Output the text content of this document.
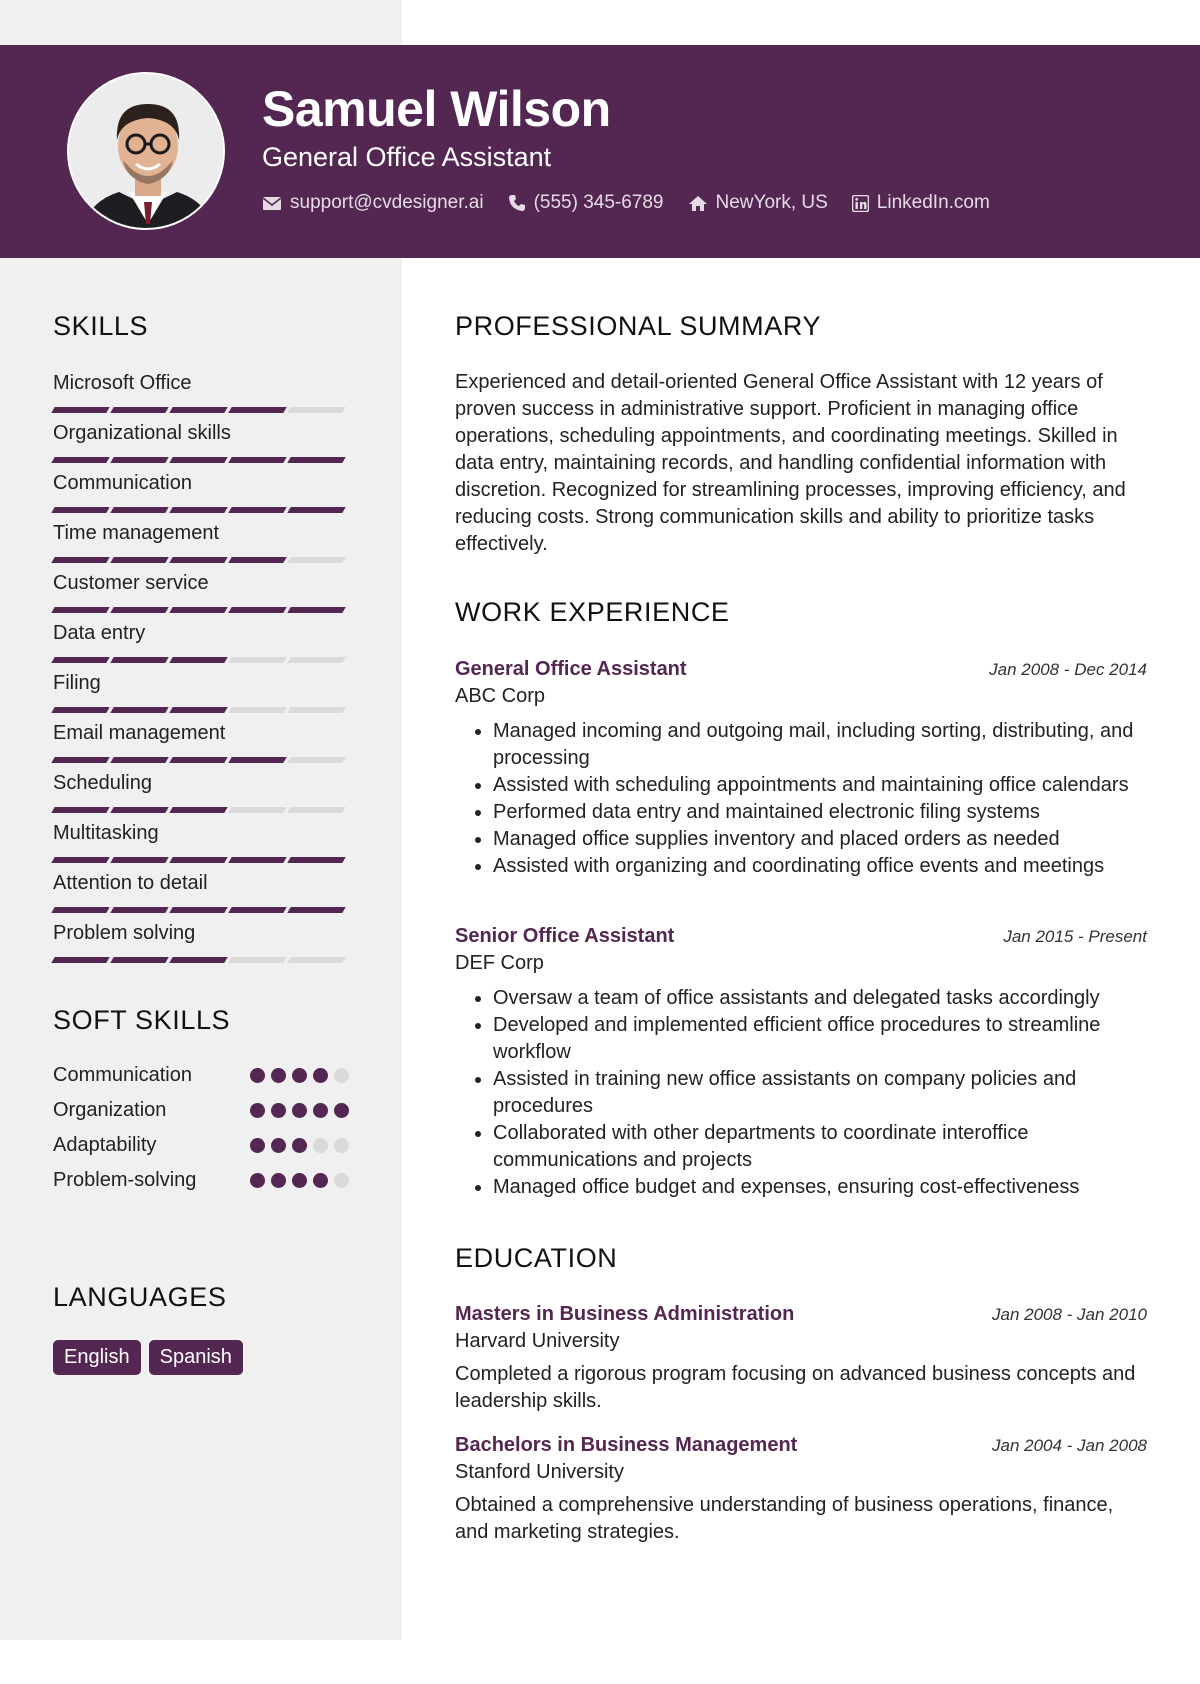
Samuel Wilson
General Office Assistant
support@cvdesigner.ai	(555) 345-6789	NewYork, US	LinkedIn.com
SKILLS
Microsoft Office
Organizational skills
Communication
Time management
Customer service
Data entry
Filing
Email management
Scheduling
Multitasking
Attention to detail
Problem solving
SOFT SKILLS
Communication
Organization
Adaptability
Problem-solving
LANGUAGES
English	Spanish
PROFESSIONAL SUMMARY
Experienced and detail-oriented General Office Assistant with 12 years of proven success in administrative support. Proficient in managing office operations, scheduling appointments, and coordinating meetings. Skilled in data entry, maintaining records, and handling confidential information with discretion. Recognized for streamlining processes, improving efficiency, and reducing costs. Strong communication skills and ability to prioritize tasks effectively.
WORK EXPERIENCE
General Office Assistant	Jan 2008 - Dec 2014
ABC Corp
• Managed incoming and outgoing mail, including sorting, distributing, and processing
• Assisted with scheduling appointments and maintaining office calendars
• Performed data entry and maintained electronic filing systems
• Managed office supplies inventory and placed orders as needed
• Assisted with organizing and coordinating office events and meetings
Senior Office Assistant	Jan 2015 - Present
DEF Corp
• Oversaw a team of office assistants and delegated tasks accordingly
• Developed and implemented efficient office procedures to streamline workflow
• Assisted in training new office assistants on company policies and procedures
• Collaborated with other departments to coordinate interoffice communications and projects
• Managed office budget and expenses, ensuring cost-effectiveness
EDUCATION
Masters in Business Administration	Jan 2008 - Jan 2010
Harvard University
Completed a rigorous program focusing on advanced business concepts and leadership skills.
Bachelors in Business Management	Jan 2004 - Jan 2008
Stanford University
Obtained a comprehensive understanding of business operations, finance, and marketing strategies.
